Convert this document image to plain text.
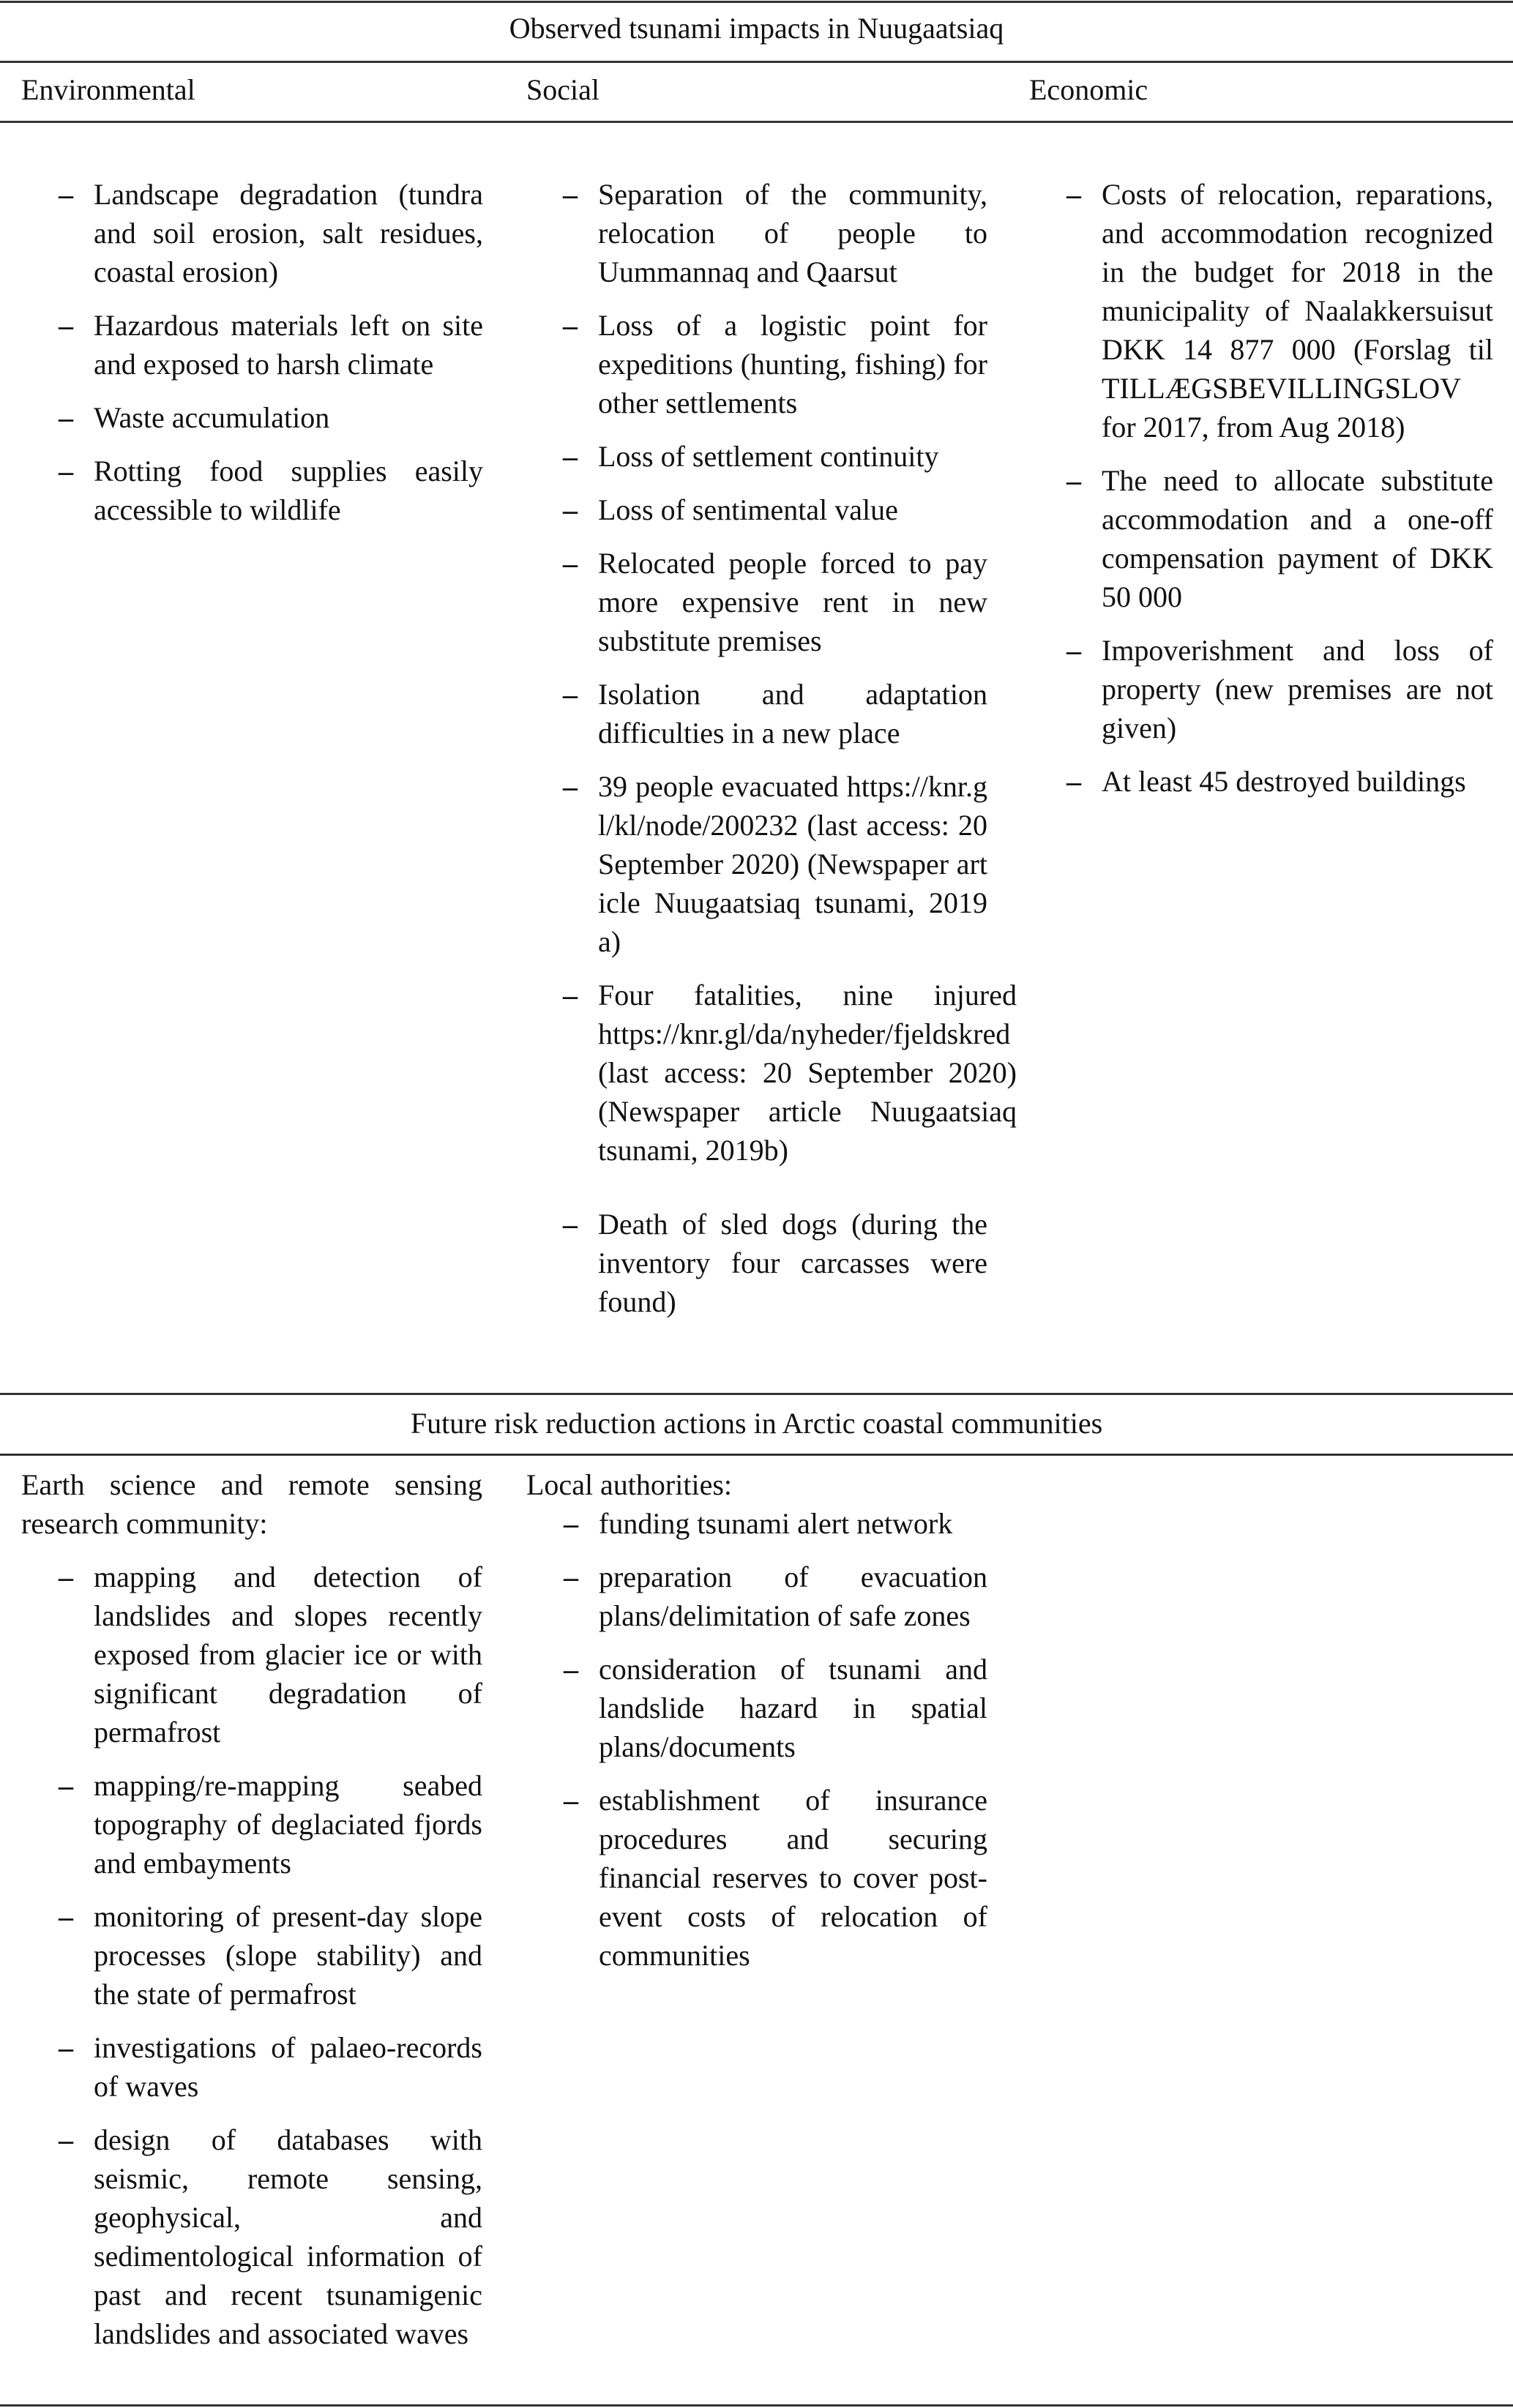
Observed tsunami impacts in Nuugaatsiaq
Environmental	Social	Economic
– Landscape degradation (tundra and soil erosion, salt residues, coastal erosion)
– Hazardous materials left on site and exposed to harsh climate
– Waste accumulation
– Rotting food supplies easily accessible to wildlife
– Separation of the community, relocation of people to Uummannaq and Qaarsut
– Loss of a logistic point for expeditions (hunting, fishing) for other settlements
– Loss of settlement continuity
– Loss of sentimental value
– Relocated people forced to pay more expensive rent in new substitute premises
– Isolation and adaptation difficulties in a new place
– 39 people evacuated https://knr.gl/kl/node/200232 (last access: 20 September 2020) (Newspaper article Nuugaatsiaq tsunami, 2019a)
– Four fatalities, nine injured https://knr.gl/da/nyheder/fjeldskred (last access: 20 September 2020) (Newspaper article Nuugaatsiaq tsunami, 2019b)
– Death of sled dogs (during the inventory four carcasses were found)
– Costs of relocation, reparations, and accommodation recognized in the budget for 2018 in the municipality of Naalakkersuisut DKK 14 877 000 (Forslag til TILLÆGSBEVILLINGSLOV for 2017, from Aug 2018)
– The need to allocate substitute accommodation and a one-off compensation payment of DKK 50 000
– Impoverishment and loss of property (new premises are not given)
– At least 45 destroyed buildings
Future risk reduction actions in Arctic coastal communities
Earth science and remote sensing research community:
– mapping and detection of landslides and slopes recently exposed from glacier ice or with significant degradation of permafrost
– mapping/re-mapping seabed topography of deglaciated fjords and embayments
– monitoring of present-day slope processes (slope stability) and the state of permafrost
– investigations of palaeo-records of waves
– design of databases with seismic, remote sensing, geophysical, and sedimentological information of past and recent tsunamigenic landslides and associated waves
Local authorities:
– funding tsunami alert network
– preparation of evacuation plans/delimitation of safe zones
– consideration of tsunami and landslide hazard in spatial plans/documents
– establishment of insurance procedures and securing financial reserves to cover post-event costs of relocation of communities
